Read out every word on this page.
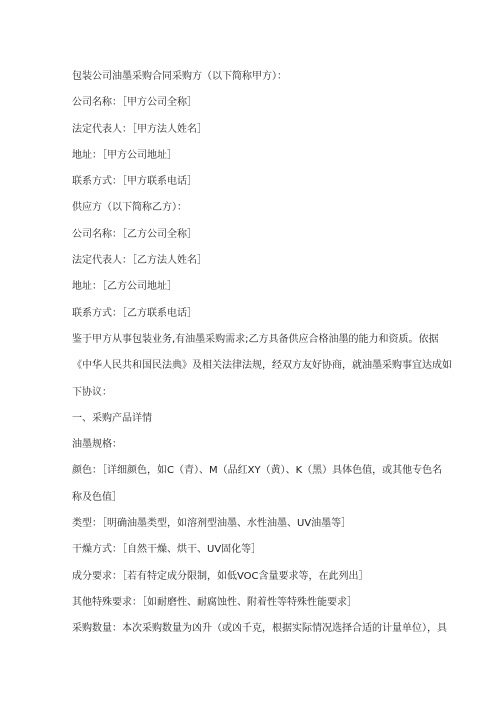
包装公司油墨采购合同采购方（以下简称甲方）：
公司名称：［甲方公司全称］
法定代表人：［甲方法人姓名］
地址：［甲方公司地址］
联系方式：［甲方联系电话］
供应方（以下简称乙方）：
公司名称：［乙方公司全称］
法定代表人：［乙方法人姓名］
地址：［乙方公司地址］
联系方式：［乙方联系电话］
鉴于甲方从事包装业务,有油墨采购需求;乙方具备供应合格油墨的能力和资质。依据
《中华人民共和国民法典》及相关法律法规，经双方友好协商，就油墨采购事宜达成如
下协议：
一、采购产品详情
油墨规格：
颜色：［详细颜色，如C（青）、M（品红XY（黄）、K（黑）具体色值，或其他专色名
称及色值］
类型：［明确油墨类型，如溶剂型油墨、水性油墨、UV油墨等］
干燥方式：［自然干燥、烘干、UV固化等］
成分要求：［若有特定成分限制，如低VOC含量要求等，在此列出］
其他特殊要求：［如耐磨性、耐腐蚀性、附着性等特殊性能要求］
采购数量：本次采购数量为凶升（或凶千克，根据实际情况选择合适的计量单位），具
